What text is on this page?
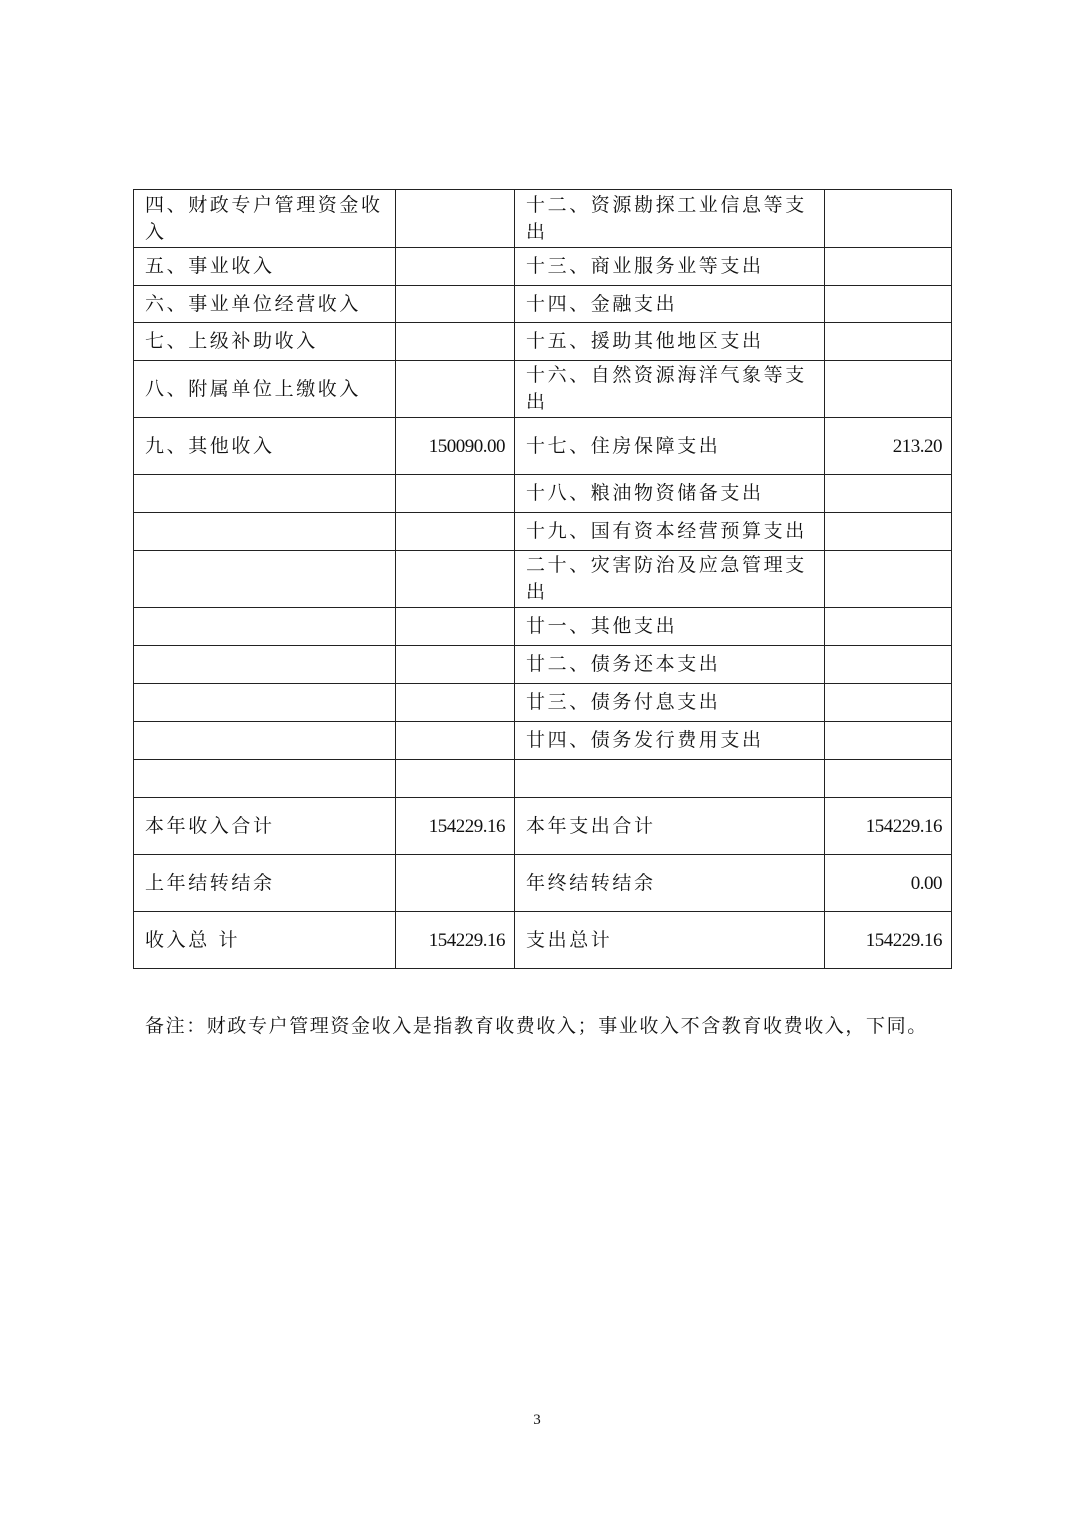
四、财政专户管理资金收入		十二、资源勘探工业信息等支出	
五、事业收入		十三、商业服务业等支出	
六、事业单位经营收入		十四、金融支出	
七、上级补助收入		十五、援助其他地区支出	
八、附属单位上缴收入		十六、自然资源海洋气象等支出	
九、其他收入	150090.00	十七、住房保障支出	213.20
		十八、粮油物资储备支出	
		十九、国有资本经营预算支出	
		二十、灾害防治及应急管理支出	
		廿一、其他支出	
		廿二、债务还本支出	
		廿三、债务付息支出	
		廿四、债务发行费用支出	

本年收入合计	154229.16	本年支出合计	154229.16
上年结转结余		年终结转结余	0.00
收入总 计	154229.16	支出总计	154229.16
备注：财政专户管理资金收入是指教育收费收入；事业收入不含教育收费收入，下同。
3
